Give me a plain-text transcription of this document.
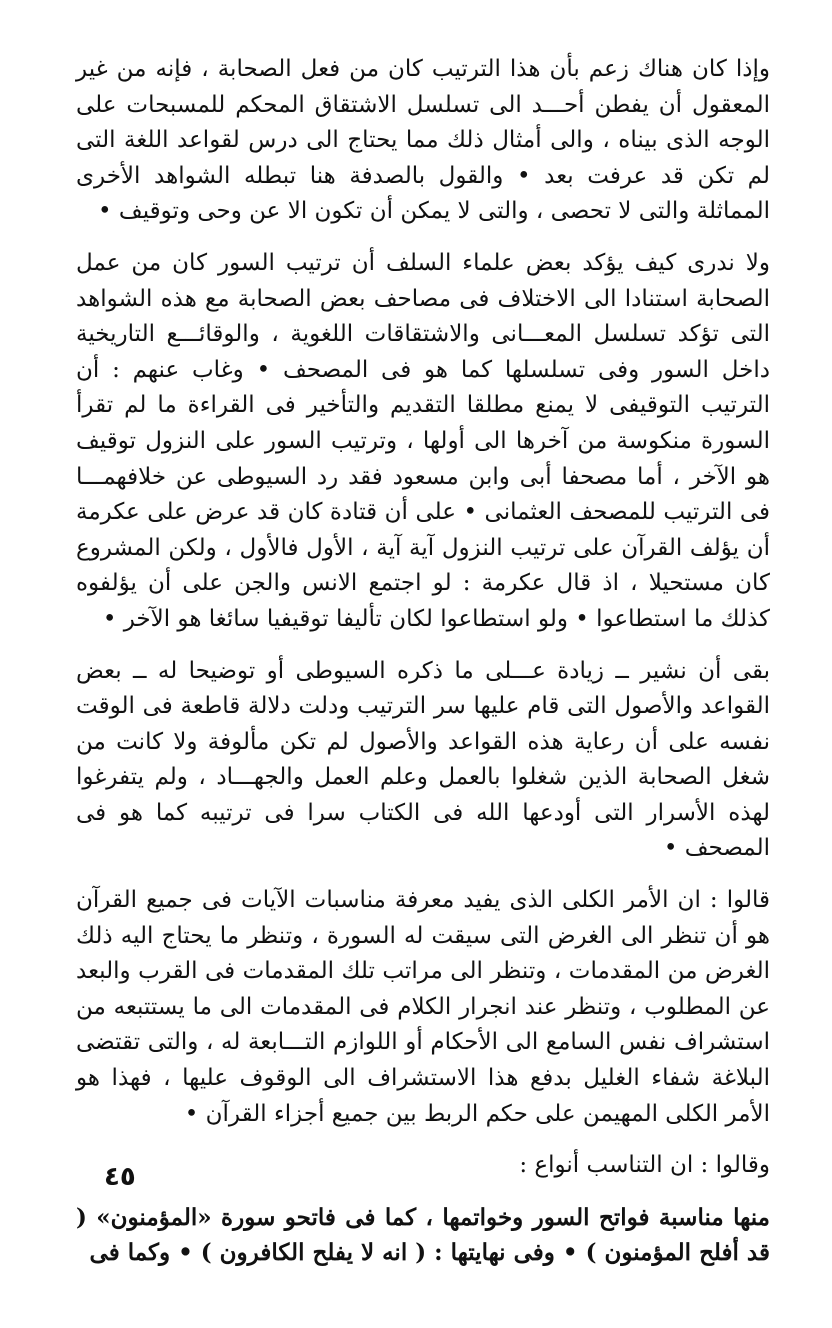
وإذا كان هناك زعم بأن هذا الترتيب كان من فعل الصحابة ، فإنه من غير المعقول أن يفطن أحـــد الى تسلسل الاشتقاق المحكم للمسبحات على الوجه الذى بيناه ، والى أمثال ذلك مما يحتاج الى درس لقواعد اللغة التى لم تكن قد عرفت بعد • والقول بالصدفة هنا تبطله الشواهد الأخرى المماثلة والتى لا تحصى ، والتى لا يمكن أن تكون الا عن وحى وتوقيف •

ولا ندرى كيف يؤكد بعض علماء السلف أن ترتيب السور كان من عمل الصحابة استنادا الى الاختلاف فى مصاحف بعض الصحابة مع هذه الشواهد التى تؤكد تسلسل المعـــانى والاشتقاقات اللغوية ، والوقائـــع التاريخية داخل السور وفى تسلسلها كما هو فى المصحف • وغاب عنهم : أن الترتيب التوقيفى لا يمنع مطلقا التقديم والتأخير فى القراءة ما لم تقرأ السورة منكوسة من آخرها الى أولها ، وترتيب السور على النزول توقيف هو الآخر ، أما مصحفا أبى وابن مسعود فقد رد السيوطى عن خلافهمـــا فى الترتيب للمصحف العثمانى • على أن قتادة كان قد عرض على عكرمة أن يؤلف القرآن على ترتيب النزول آية آية ، الأول فالأول ، ولكن المشروع كان مستحيلا ، اذ قال عكرمة : لو اجتمع الانس والجن على أن يؤلفوه كذلك ما استطاعوا • ولو استطاعوا لكان تأليفا توقيفيا سائغا هو الآخر •

بقى أن نشير ــ زيادة عـــلى ما ذكره السيوطى أو توضيحا له ــ بعض القواعد والأصول التى قام عليها سر الترتيب ودلت دلالة قاطعة فى الوقت نفسه على أن رعاية هذه القواعد والأصول لم تكن مألوفة ولا كانت من شغل الصحابة الذين شغلوا بالعمل وعلم العمل والجهـــاد ، ولم يتفرغوا لهذه الأسرار التى أودعها الله فى الكتاب سرا فى ترتيبه كما هو فى المصحف •

قالوا : ان الأمر الكلى الذى يفيد معرفة مناسبات الآيات فى جميع القرآن هو أن تنظر الى الغرض التى سيقت له السورة ، وتنظر ما يحتاج اليه ذلك الغرض من المقدمات ، وتنظر الى مراتب تلك المقدمات فى القرب والبعد عن المطلوب ، وتنظر عند انجرار الكلام فى المقدمات الى ما يستتبعه من استشراف نفس السامع الى الأحكام أو اللوازم التـــابعة له ، والتى تقتضى البلاغة شفاء الغليل بدفع هذا الاستشراف الى الوقوف عليها ، فهذا هو الأمر الكلى المهيمن على حكم الربط بين جميع أجزاء القرآن •

وقالوا : ان التناسب أنواع :

منها مناسبة فواتح السور وخواتمها ، كما فى فاتحو سورة «المؤمنون» ( قد أفلح المؤمنون ) • وفى نهايتها : ( انه لا يفلح الكافرون ) • وكما فى

٤٥
